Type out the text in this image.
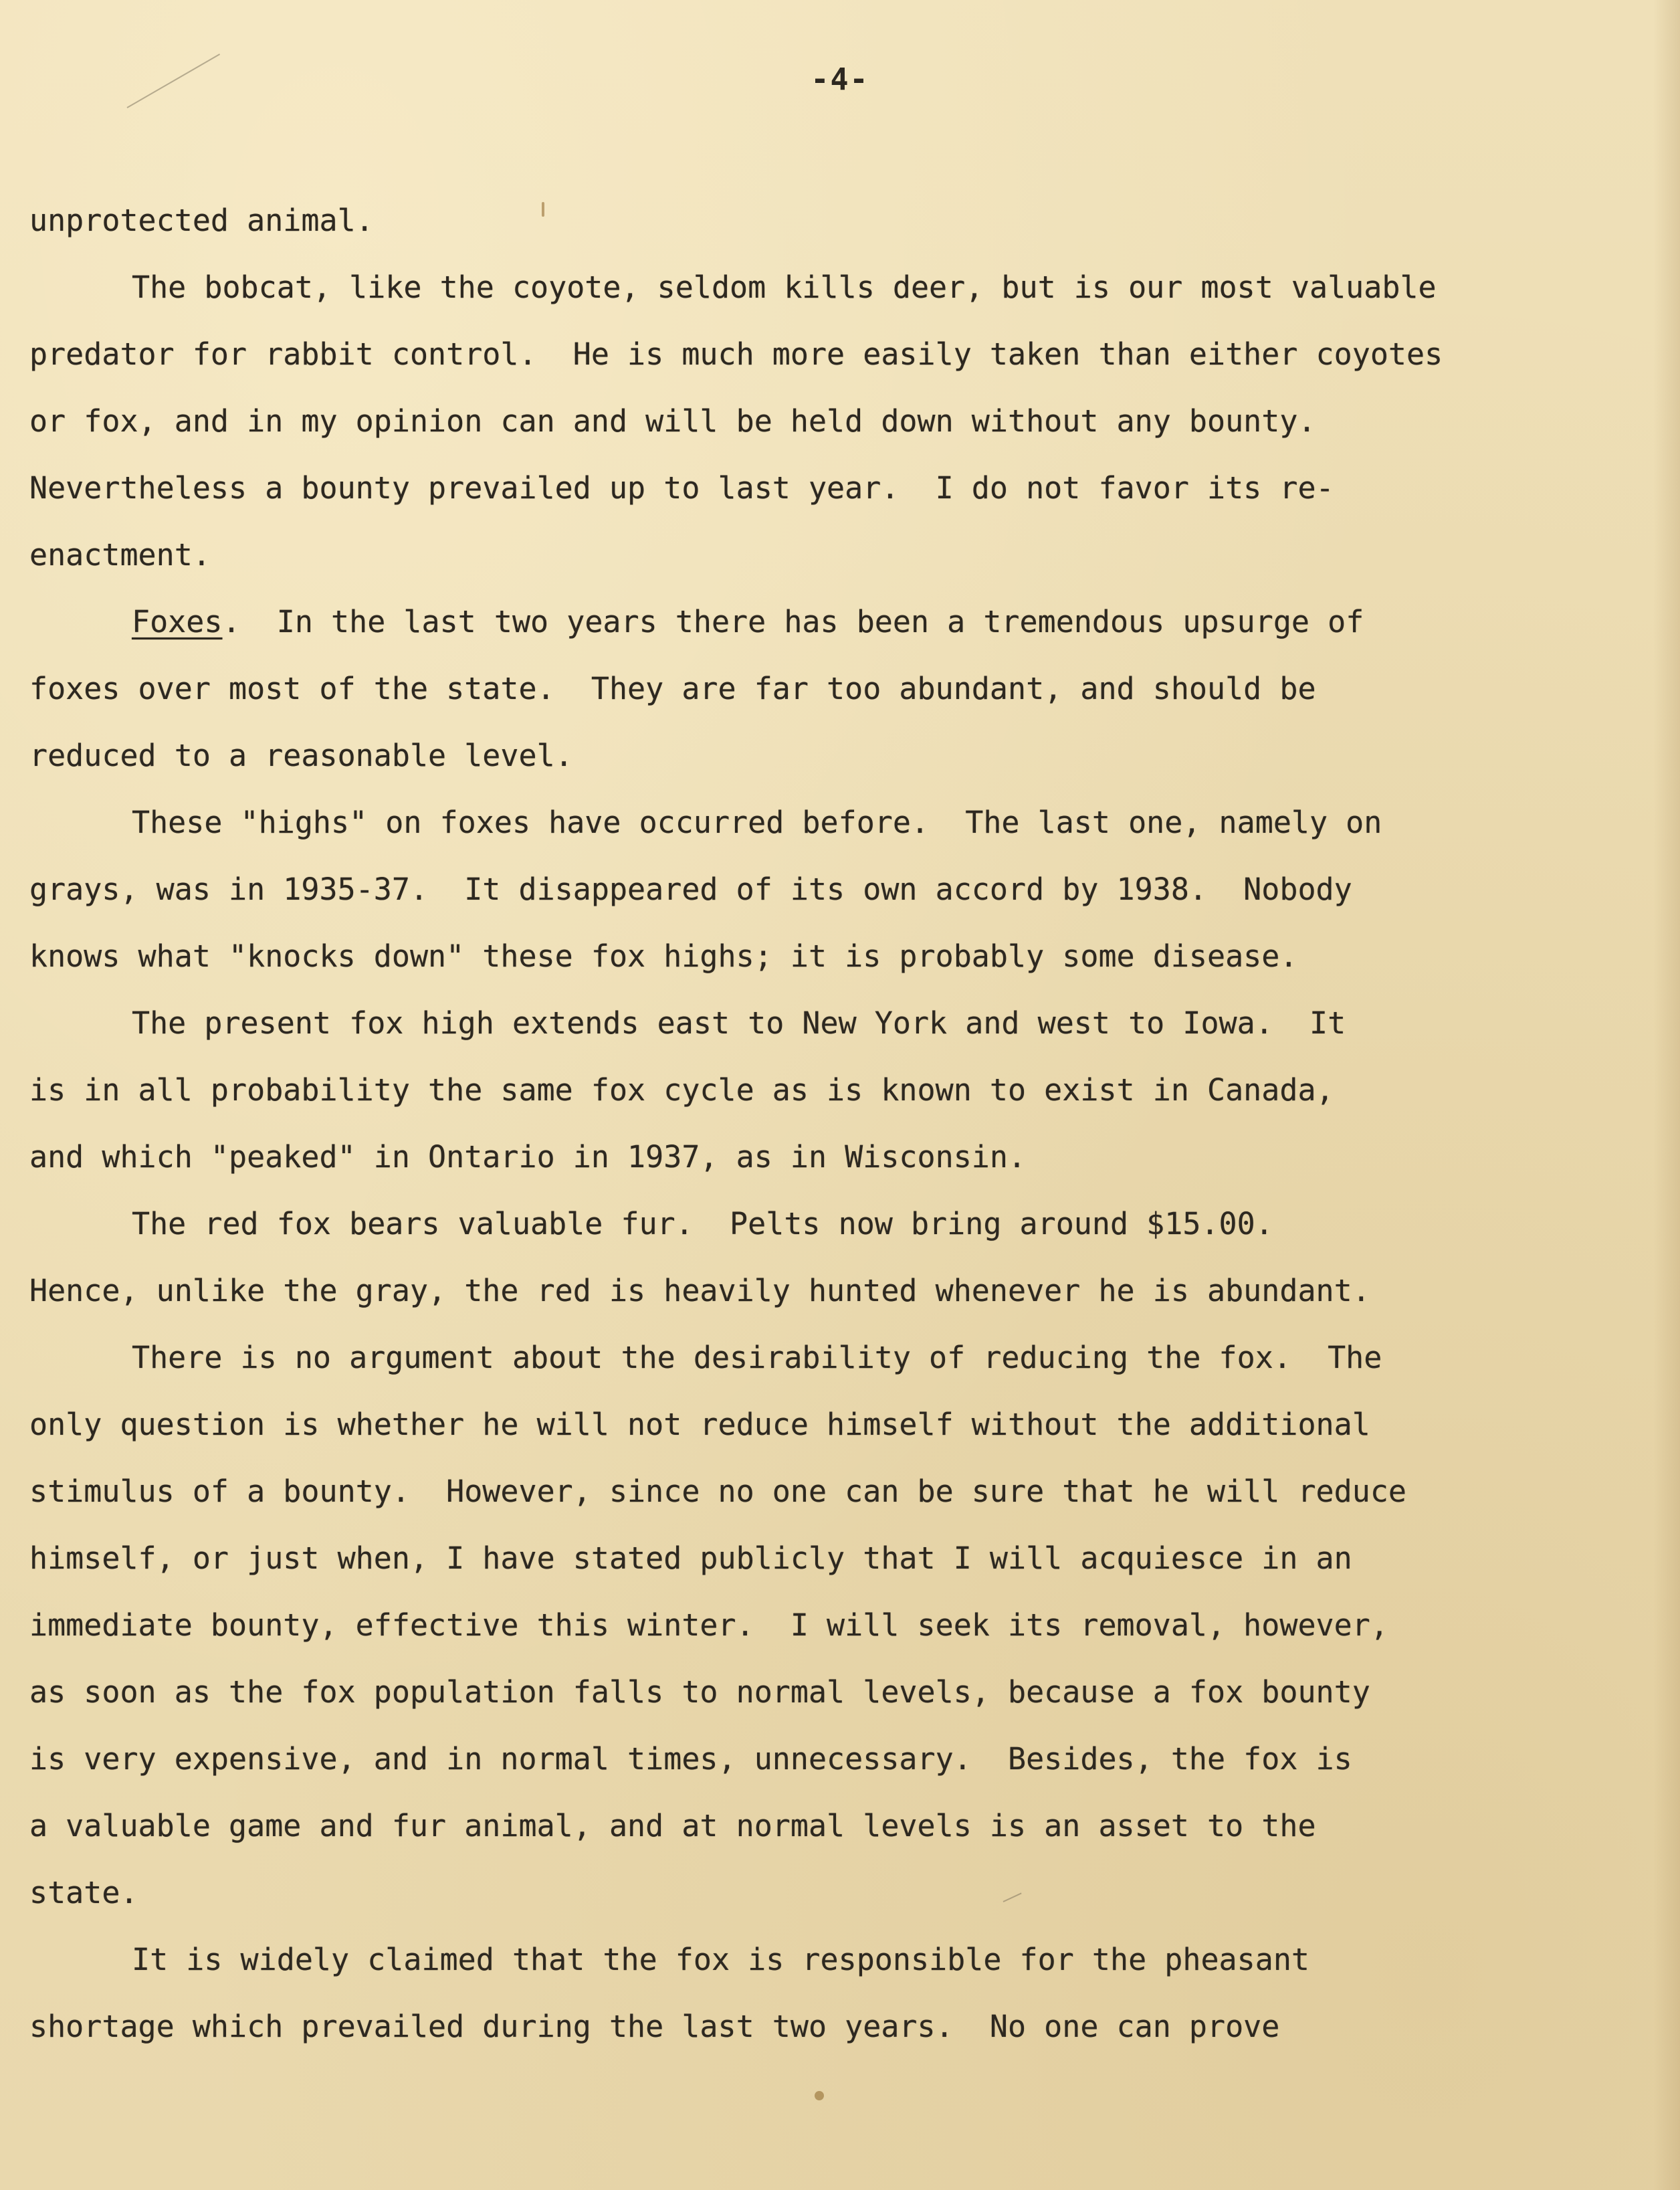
-4-
unprotected animal.
The bobcat, like the coyote, seldom kills deer, but is our most valuable
predator for rabbit control.  He is much more easily taken than either coyotes
or fox, and in my opinion can and will be held down without any bounty.
Nevertheless a bounty prevailed up to last year.  I do not favor its re-
enactment.
Foxes.  In the last two years there has been a tremendous upsurge of
foxes over most of the state.  They are far too abundant, and should be
reduced to a reasonable level.
These "highs" on foxes have occurred before.  The last one, namely on
grays, was in 1935-37.  It disappeared of its own accord by 1938.  Nobody
knows what "knocks down" these fox highs; it is probably some disease.
The present fox high extends east to New York and west to Iowa.  It
is in all probability the same fox cycle as is known to exist in Canada,
and which "peaked" in Ontario in 1937, as in Wisconsin.
The red fox bears valuable fur.  Pelts now bring around $15.00.
Hence, unlike the gray, the red is heavily hunted whenever he is abundant.
There is no argument about the desirability of reducing the fox.  The
only question is whether he will not reduce himself without the additional
stimulus of a bounty.  However, since no one can be sure that he will reduce
himself, or just when, I have stated publicly that I will acquiesce in an
immediate bounty, effective this winter.  I will seek its removal, however,
as soon as the fox population falls to normal levels, because a fox bounty
is very expensive, and in normal times, unnecessary.  Besides, the fox is
a valuable game and fur animal, and at normal levels is an asset to the
state.
It is widely claimed that the fox is responsible for the pheasant
shortage which prevailed during the last two years.  No one can prove
